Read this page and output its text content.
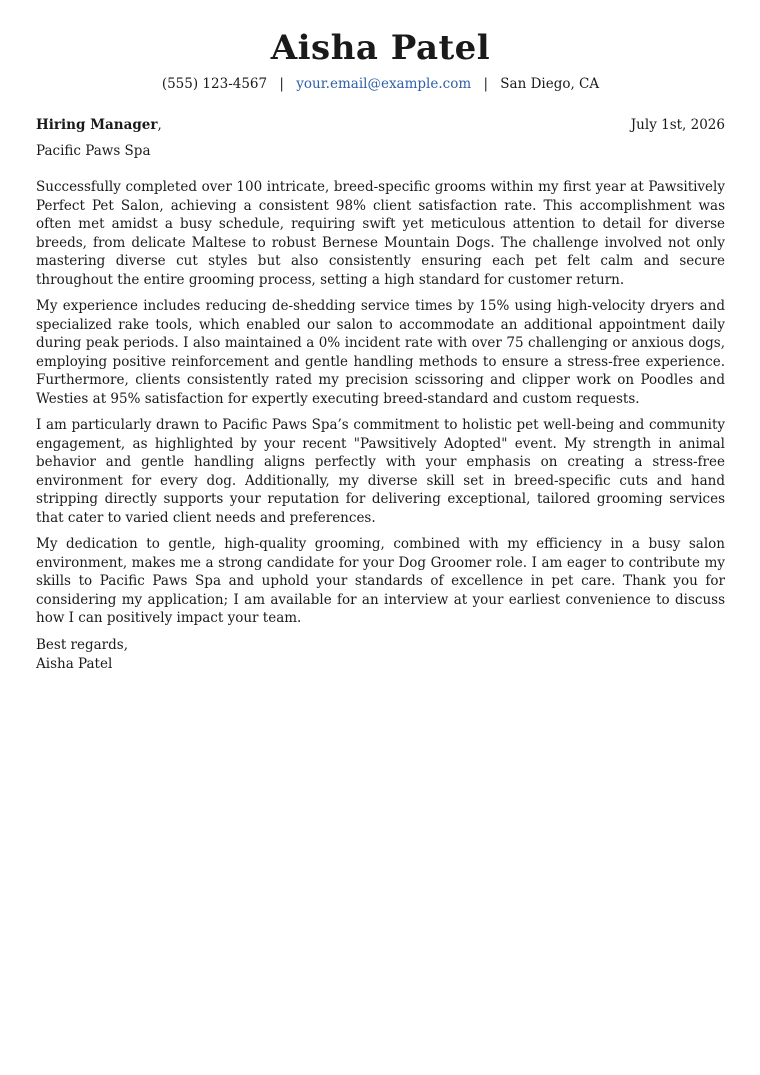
Aisha Patel
(555) 123-4567 | your.email@example.com | San Diego, CA
Hiring Manager,	July 1st, 2026
Pacific Paws Spa

Successfully completed over 100 intricate, breed-specific grooms within my first year at Pawsitively Perfect Pet Salon, achieving a consistent 98% client satisfaction rate. This accomplishment was often met amidst a busy schedule, requiring swift yet meticulous attention to detail for diverse breeds, from delicate Maltese to robust Bernese Mountain Dogs. The challenge involved not only mastering diverse cut styles but also consistently ensuring each pet felt calm and secure throughout the entire grooming process, setting a high standard for customer return.

My experience includes reducing de-shedding service times by 15% using high-velocity dryers and specialized rake tools, which enabled our salon to accommodate an additional appointment daily during peak periods. I also maintained a 0% incident rate with over 75 challenging or anxious dogs, employing positive reinforcement and gentle handling methods to ensure a stress-free experience. Furthermore, clients consistently rated my precision scissoring and clipper work on Poodles and Westies at 95% satisfaction for expertly executing breed-standard and custom requests.

I am particularly drawn to Pacific Paws Spa’s commitment to holistic pet well-being and community engagement, as highlighted by your recent "Pawsitively Adopted" event. My strength in animal behavior and gentle handling aligns perfectly with your emphasis on creating a stress-free environment for every dog. Additionally, my diverse skill set in breed-specific cuts and hand stripping directly supports your reputation for delivering exceptional, tailored grooming services that cater to varied client needs and preferences.

My dedication to gentle, high-quality grooming, combined with my efficiency in a busy salon environment, makes me a strong candidate for your Dog Groomer role. I am eager to contribute my skills to Pacific Paws Spa and uphold your standards of excellence in pet care. Thank you for considering my application; I am available for an interview at your earliest convenience to discuss how I can positively impact your team.

Best regards,
Aisha Patel
